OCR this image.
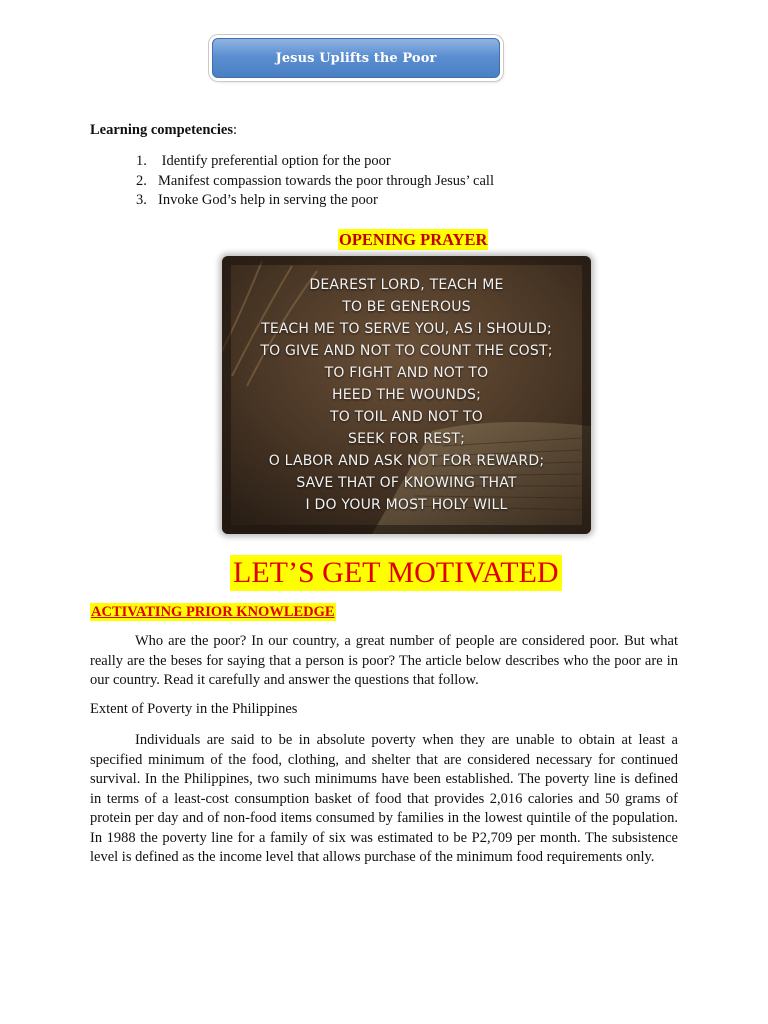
Jesus Uplifts the Poor
Learning competencies:
1. Identify preferential option for the poor
2. Manifest compassion towards the poor through Jesus’ call
3. Invoke God’s help in serving the poor
OPENING PRAYER
DEAREST LORD, TEACH ME
TO BE GENEROUS
TEACH ME TO SERVE YOU, AS I SHOULD;
TO GIVE AND NOT TO COUNT THE COST;
TO FIGHT AND NOT TO
HEED THE WOUNDS;
TO TOIL AND NOT TO
SEEK FOR REST;
O LABOR AND ASK NOT FOR REWARD;
SAVE THAT OF KNOWING THAT
I DO YOUR MOST HOLY WILL
LET’S GET MOTIVATED
ACTIVATING PRIOR KNOWLEDGE

Who are the poor? In our country, a great number of people are considered poor. But what really are the beses for saying that a person is poor? The article below describes who the poor are in our country. Read it carefully and answer the questions that follow.

Extent of Poverty in the Philippines

Individuals are said to be in absolute poverty when they are unable to obtain at least a specified minimum of the food, clothing, and shelter that are considered necessary for continued survival. In the Philippines, two such minimums have been established. The poverty line is defined in terms of a least-cost consumption basket of food that provides 2,016 calories and 50 grams of protein per day and of non-food items consumed by families in the lowest quintile of the population. In 1988 the poverty line for a family of six was estimated to be P2,709 per month. The subsistence level is defined as the income level that allows purchase of the minimum food requirements only.
